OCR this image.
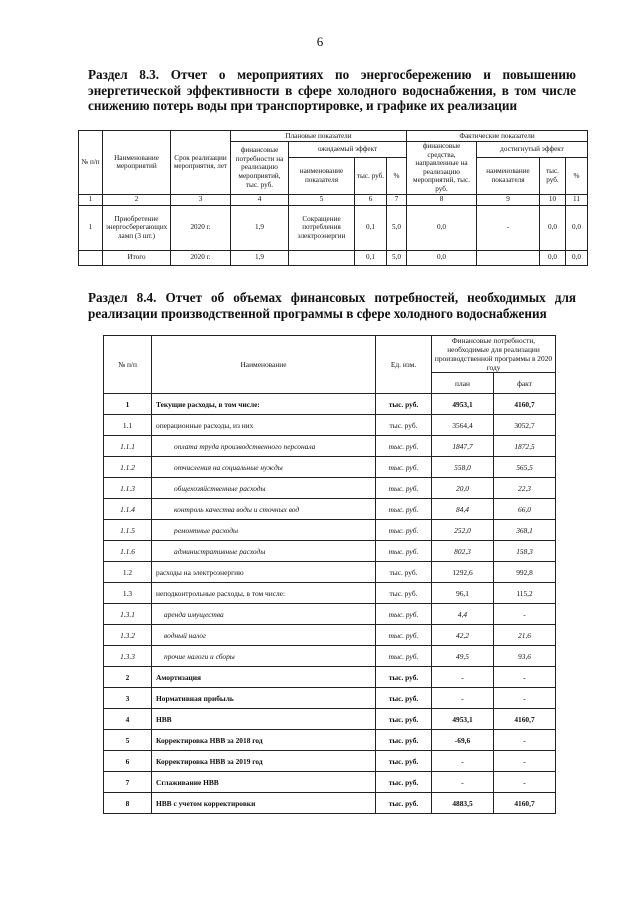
6
Раздел 8.3. Отчет о мероприятиях по энергосбережению и повышению энергетической эффективности в сфере холодного водоснабжения, в том числе снижению потерь воды при транспортировке, и графике их реализации
№ п/п	Наименование мероприятий	Срок реализации мероприятия, лет	Плановые показатели				Фактические показатели			
			финансовые потребности на реализацию мероприятий, тыс. руб.	ожидаемый эффект			финансовые средства, направленные на реализацию мероприятий, тыс. руб.	достигнутый эффект		
				наименование показателя	тыс. руб.	%		наименование показателя	тыс. руб.	%
1	2	3	4	5	6	7	8	9	10	11
1	Приобретение энергосберегающих ламп (3 шт.)	2020 г.	1,9	Сокращение потребления электроэнергии	0,1	5,0	0,0	-	0,0	0,0
	Итого	2020 г.	1,9		0,1	5,0	0,0		0,0	0,0
Раздел 8.4. Отчет об объемах финансовых потребностей, необходимых для реализации производственной программы в сфере холодного водоснабжения
№ п/п	Наименование	Ед. изм.	Финансовые потребности, необходимые для реализации производственной программы в 2020 году	
			план	факт
1	Текущие расходы, в том числе:	тыс. руб.	4953,1	4160,7
1.1	операционные расходы, из них	тыс. руб.	3564,4	3052,7
1.1.1	оплата труда производственного персонала	тыс. руб.	1847,7	1872,5
1.1.2	отчисления на социальные нужды	тыс. руб.	558,0	565,5
1.1.3	общехозяйственные расходы	тыс. руб.	20,0	22,3
1.1.4	контроль качества воды и сточных вод	тыс. руб.	84,4	66,0
1.1.5	ремонтные расходы	тыс. руб.	252,0	368,1
1.1.6	административные расходы	тыс. руб.	802,3	158,3
1.2	расходы на электроэнергию	тыс. руб.	1292,6	992,8
1.3	неподконтрольные расходы, в том числе:	тыс. руб.	96,1	115,2
1.3.1	аренда имущества	тыс. руб.	4,4	-
1.3.2	водный налог	тыс. руб.	42,2	21,6
1.3.3	прочие налоги и сборы	тыс. руб.	49,5	93,6
2	Амортизация	тыс. руб.	-	-
3	Нормативная прибыль	тыс. руб.	-	-
4	НВВ	тыс. руб.	4953,1	4160,7
5	Корректировка НВВ за 2018 год	тыс. руб.	-69,6	-
6	Корректировка НВВ за 2019 год	тыс. руб.	-	-
7	Сглаживание НВВ	тыс. руб.	-	-
8	НВВ с учетом корректировки	тыс. руб.	4883,5	4160,7
